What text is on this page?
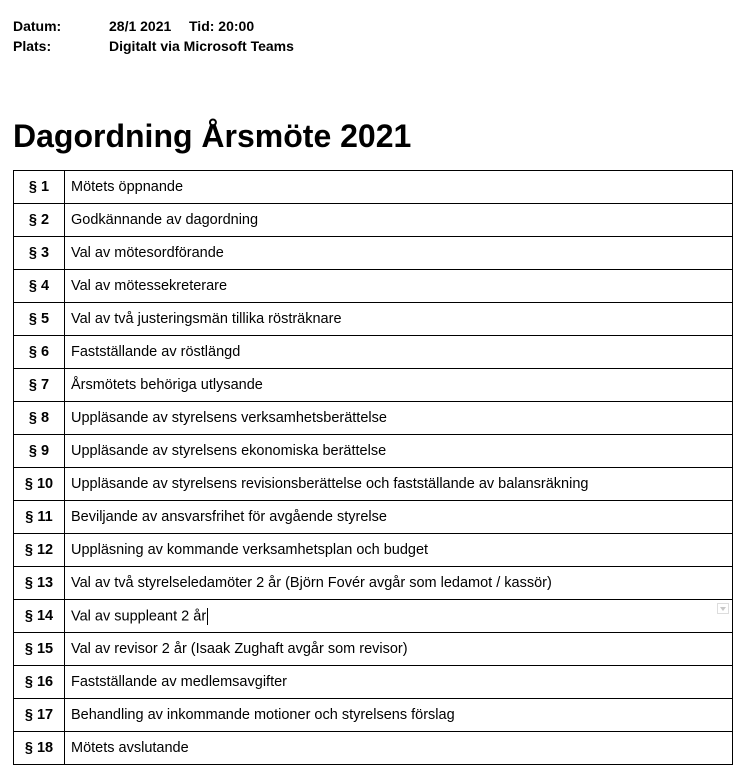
Datum:	28/1 2021	Tid: 20:00
Plats:	Digitalt via Microsoft Teams
Dagordning Årsmöte 2021
§ 1	Mötets öppnande
§ 2	Godkännande av dagordning
§ 3	Val av mötesordförande
§ 4	Val av mötessekreterare
§ 5	Val av två justeringsmän tillika rösträknare
§ 6	Fastställande av röstlängd
§ 7	Årsmötets behöriga utlysande
§ 8	Uppläsande av styrelsens verksamhetsberättelse
§ 9	Uppläsande av styrelsens ekonomiska berättelse
§ 10	Uppläsande av styrelsens revisionsberättelse och fastställande av balansräkning
§ 11	Beviljande av ansvarsfrihet för avgående styrelse
§ 12	Uppläsning av kommande verksamhetsplan och budget
§ 13	Val av två styrelseledamöter 2 år (Björn Fovér avgår som ledamot / kassör)
§ 14	Val av suppleant 2 år

§ 15	Val av revisor 2 år (Isaak Zughaft avgår som revisor)
§ 16	Fastställande av medlemsavgifter
§ 17	Behandling av inkommande motioner och styrelsens förslag
§ 18	Mötets avslutande
